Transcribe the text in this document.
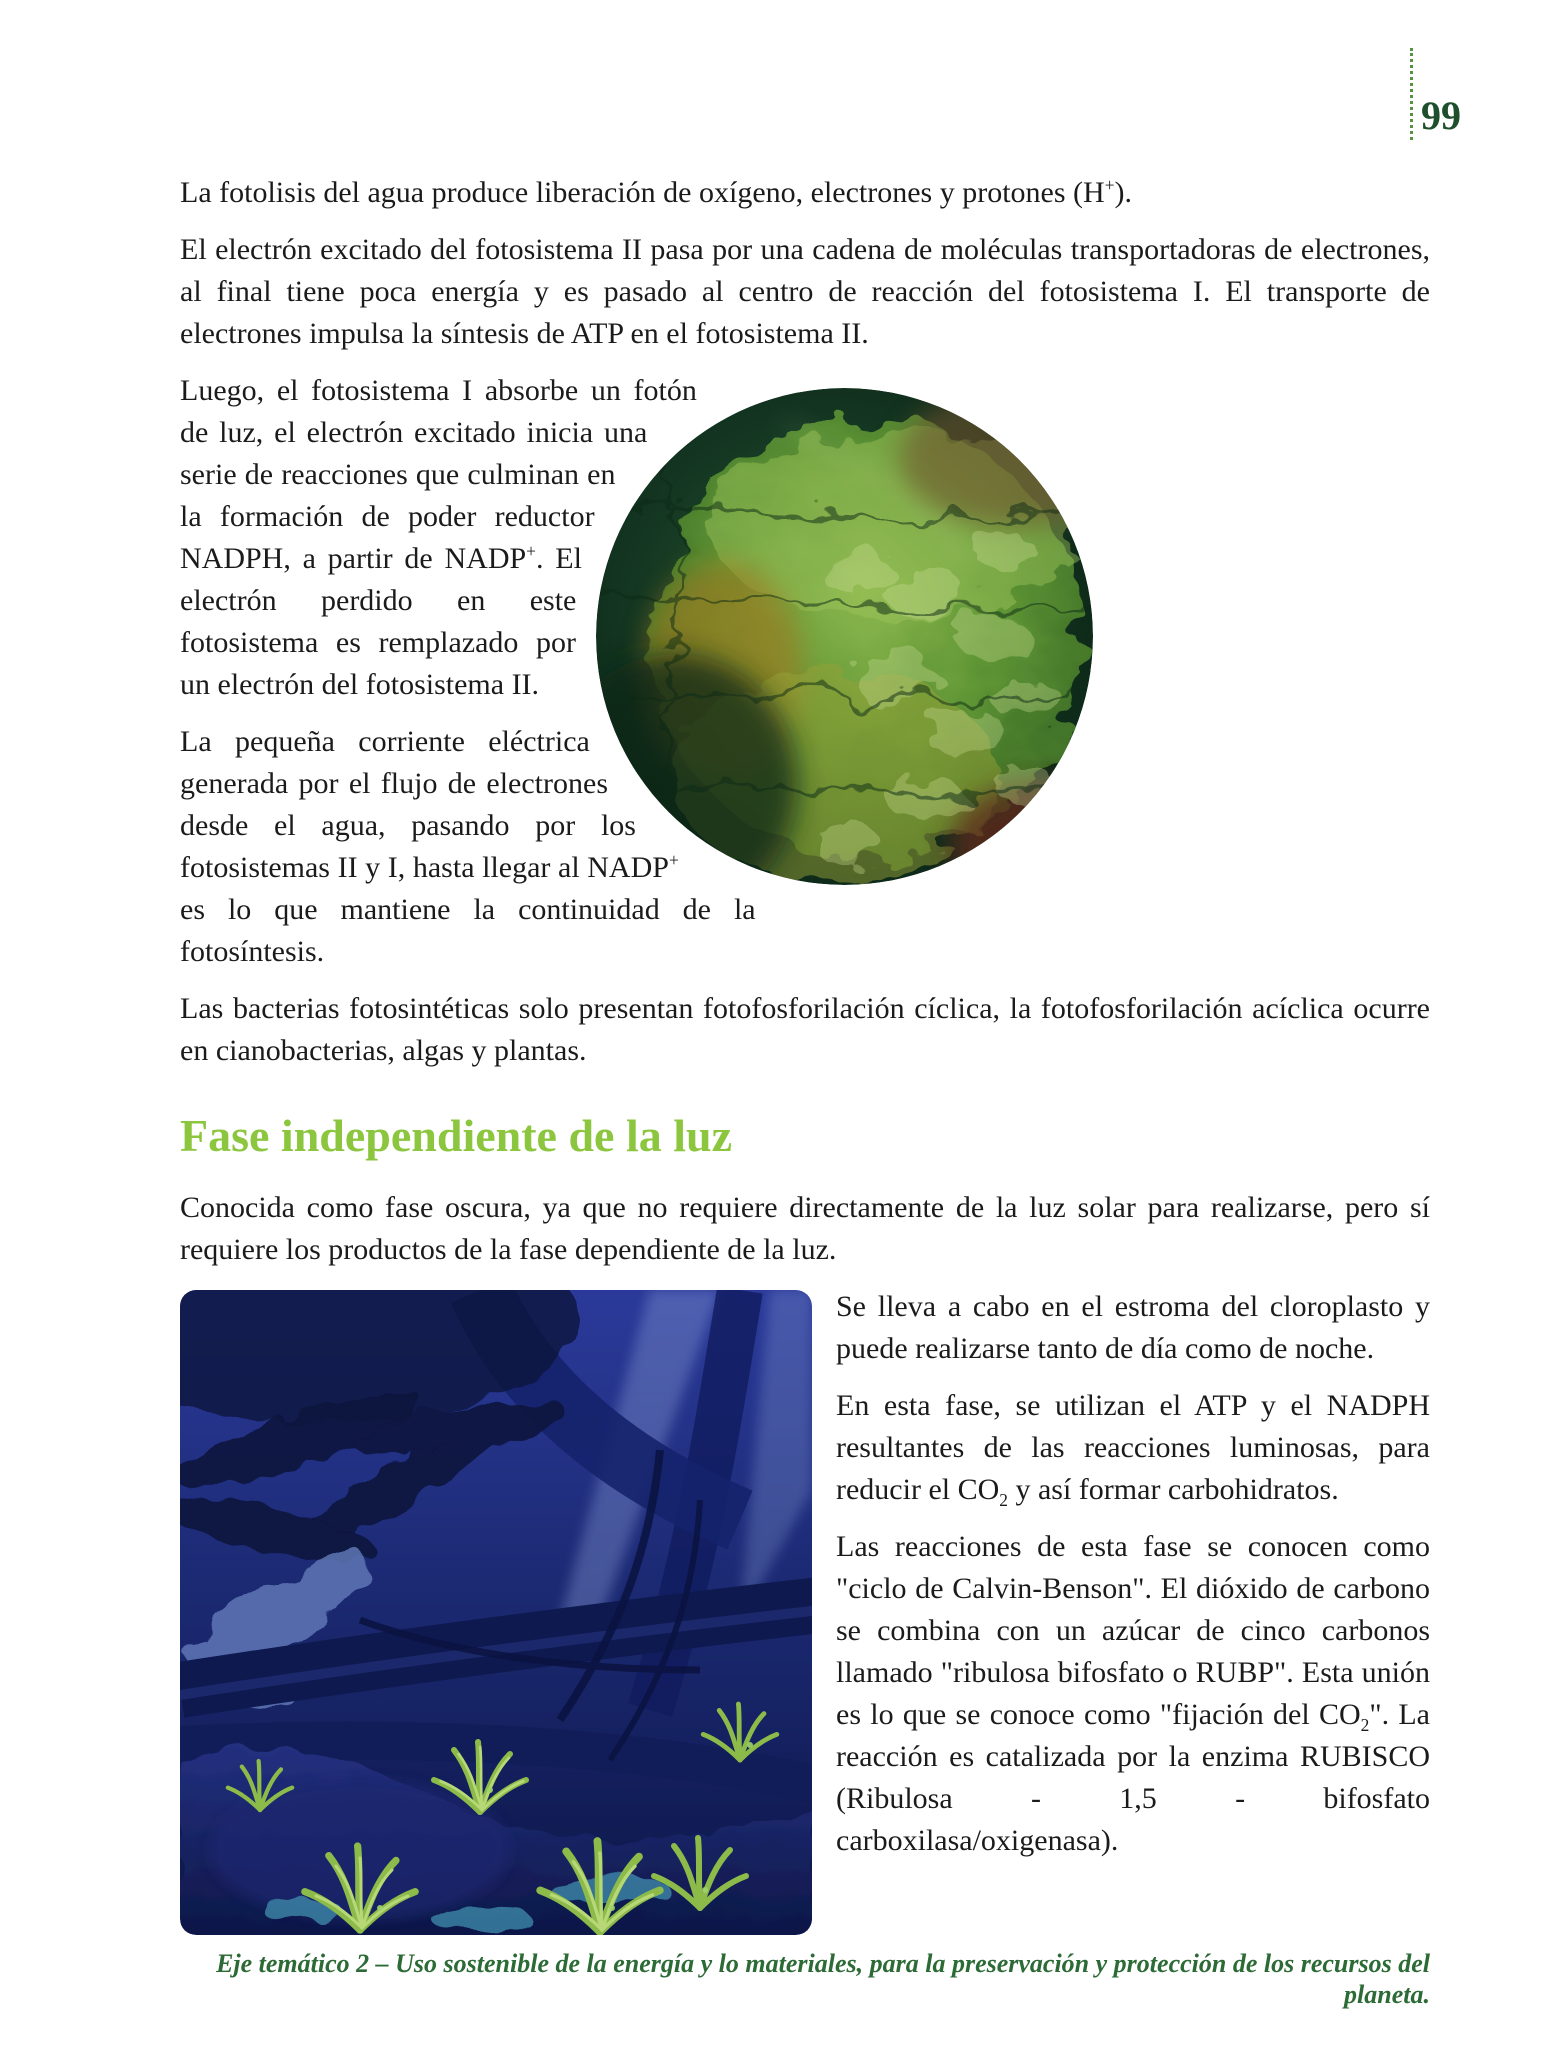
99

La fotolisis del agua produce liberación de oxígeno, electrones y protones (H+).

El electrón excitado del fotosistema II pasa por una cadena de moléculas transportadoras de electrones, al final tiene poca energía y es pasado al centro de reacción del fotosistema I. El transporte de electrones impulsa la síntesis de ATP en el fotosistema II.

Luego, el fotosistema I absorbe un fotón de luz, el electrón excitado inicia una serie de reacciones que culminan en la formación de poder reductor NADPH, a partir de NADP+. El electrón perdido en este fotosistema es remplazado por un electrón del fotosistema II.

La pequeña corriente eléctrica generada por el flujo de electrones desde el agua, pasando por los fotosistemas II y I, hasta llegar al NADP+ es lo que mantiene la continuidad de la fotosíntesis.

Las bacterias fotosintéticas solo presentan fotofosforilación cíclica, la fotofosforilación acíclica ocurre en cianobacterias, algas y plantas.

Fase independiente de la luz

Conocida como fase oscura, ya que no requiere directamente de la luz solar para realizarse, pero sí requiere los productos de la fase dependiente de la luz.

Se lleva a cabo en el estroma del cloroplasto y puede realizarse tanto de día como de noche.

En esta fase, se utilizan el ATP y el NADPH resultantes de las reacciones luminosas, para reducir el $CO_2$ y así formar carbohidratos.

Las reacciones de esta fase se conocen como "ciclo de Calvin-Benson". El dióxido de carbono se combina con un azúcar de cinco carbonos llamado "ribulosa bifosfato o RUBP". Esta unión es lo que se conoce como "fijación del $CO_2$". La reacción es catalizada por la enzima RUBISCO (Ribulosa - 1,5 - bifosfato carboxilasa/oxigenasa).

Eje temático 2 – Uso sostenible de la energía y lo materiales, para la preservación y protección de los recursos del planeta.
